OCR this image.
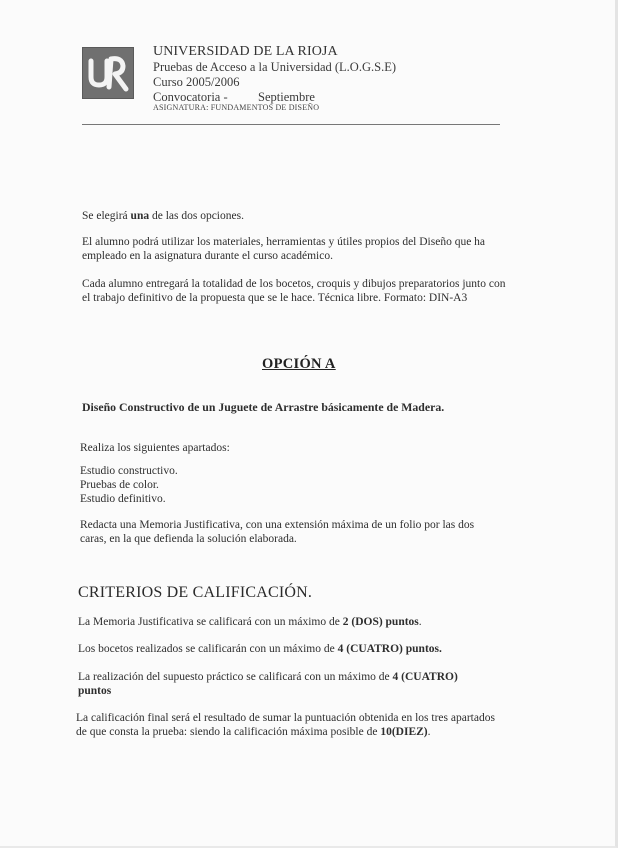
UNIVERSIDAD DE LA RIOJA
Pruebas de Acceso a la Universidad (L.O.G.S.E)
Curso 2005/2006
Convocatoria - Septiembre
ASIGNATURA: FUNDAMENTOS DE DISEÑO
Se elegirá una de las dos opciones.
El alumno podrá utilizar los materiales, herramientas y útiles propios del Diseño que ha empleado en la asignatura durante el curso académico.
Cada alumno entregará la totalidad de los bocetos, croquis y dibujos preparatorios junto con el trabajo definitivo de la propuesta que se le hace. Técnica libre. Formato: DIN-A3
OPCIÓN A
Diseño Constructivo de un Juguete de Arrastre básicamente de Madera.
Realiza los siguientes apartados:
Estudio constructivo.
Pruebas de color.
Estudio definitivo.
Redacta una Memoria Justificativa, con una extensión máxima de un folio por las dos caras, en la que defienda la solución elaborada.
CRITERIOS DE CALIFICACIÓN.
La Memoria Justificativa se calificará con un máximo de 2 (DOS) puntos.
Los bocetos realizados se calificarán con un máximo de 4 (CUATRO) puntos.
La realización del supuesto práctico se calificará con un máximo de 4 (CUATRO) puntos
La calificación final será el resultado de sumar la puntuación obtenida en los tres apartados de que consta la prueba: siendo la calificación máxima posible de 10(DIEZ).
